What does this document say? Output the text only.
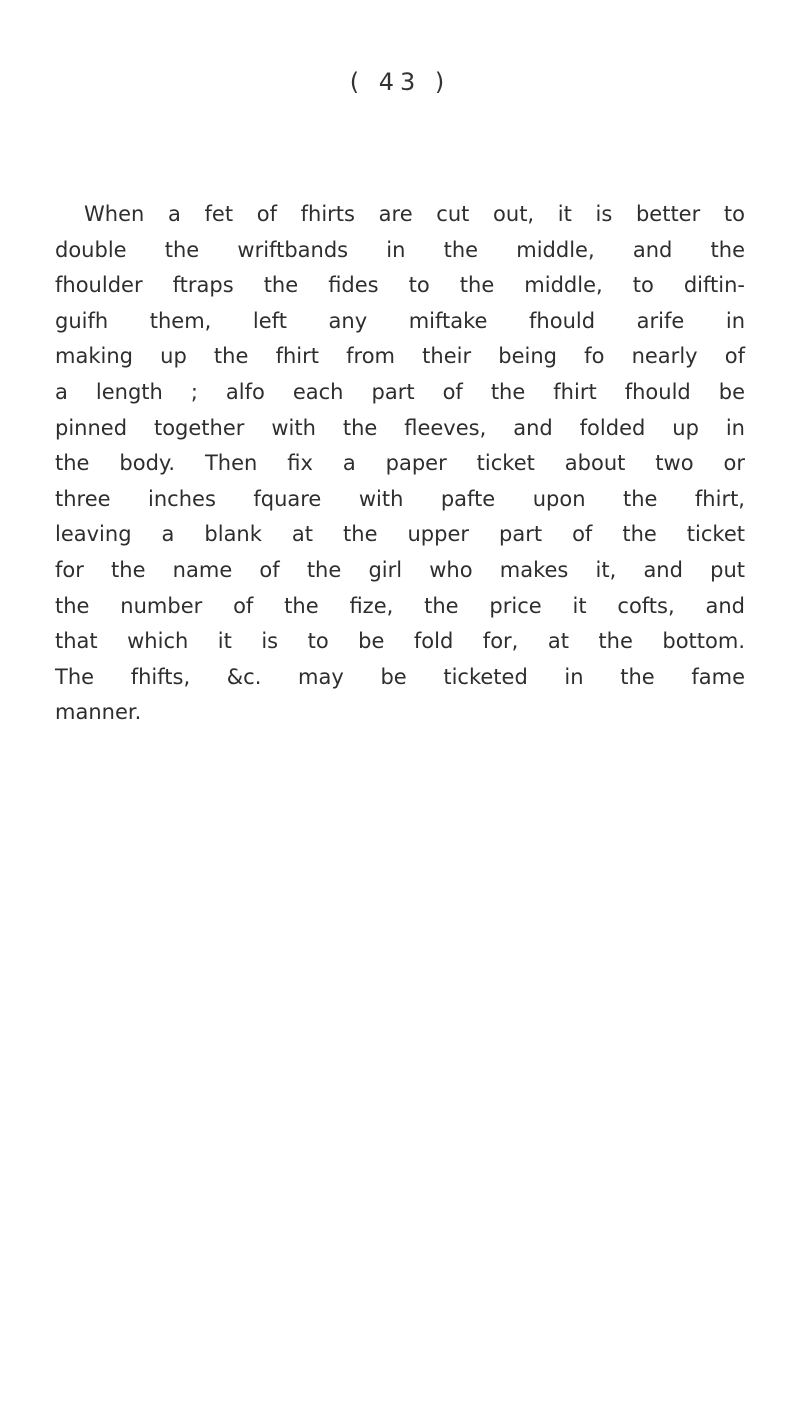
( 43 )
When a fet of fhirts are cut out, it is better to
double the wriftbands in the middle, and the
fhoulder ftraps the fides to the middle, to diftin-
guifh them, left any miftake fhould arife in
making up the fhirt from their being fo nearly of
a length ; alfo each part of the fhirt fhould be
pinned together with the fleeves, and folded up in
the body. Then fix a paper ticket about two or
three inches fquare with pafte upon the fhirt,
leaving a blank at the upper part of the ticket
for the name of the girl who makes it, and put
the number of the fize, the price it cofts, and
that which it is to be fold for, at the bottom.
The fhifts, &c. may be ticketed in the fame
manner.
